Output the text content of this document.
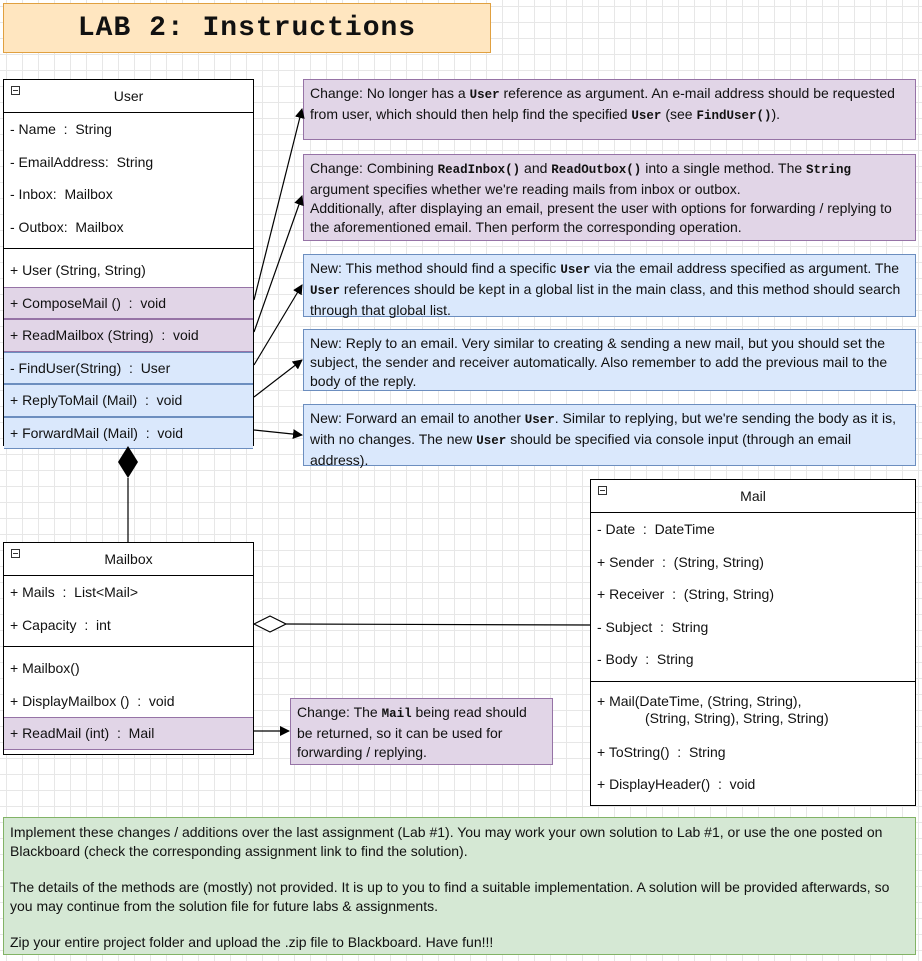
LAB 2: Instructions
User
- Name  :  String
- EmailAddress:  String
- Inbox:  Mailbox
- Outbox:  Mailbox
+ User (String, String)
+ ComposeMail ()  :  void
+ ReadMailbox (String)  :  void
- FindUser(String)  :  User
+ ReplyToMail (Mail)  :  void
+ ForwardMail (Mail)  :  void
Mailbox
+ Mails  :  List<Mail>
+ Capacity  :  int
+ Mailbox()
+ DisplayMailbox ()  :  void
+ ReadMail (int)  :  Mail
Mail
- Date  :  DateTime
+ Sender  :  (String, String)
+ Receiver  :  (String, String)
- Subject  :  String
- Body  :  String
+ Mail(DateTime, (String, String),
(String, String), String, String)
+ ToString()  :  String
+ DisplayHeader()  :  void
Change: No longer has a User reference as argument. An e-mail address should be requested from user, which should then help find the specified User (see FindUser()).
Change: Combining ReadInbox() and ReadOutbox() into a single method. The String argument specifies whether we're reading mails from inbox or outbox.
Additionally, after displaying an email, present the user with options for forwarding / replying to the aforementioned email. Then perform the corresponding operation.
New: This method should find a specific User via the email address specified as argument. The User references should be kept in a global list in the main class, and this method should search through that global list.
New: Reply to an email. Very similar to creating & sending a new mail, but you should set the subject, the sender and receiver automatically. Also remember to add the previous mail to the body of the reply.
New: Forward an email to another User. Similar to replying, but we're sending the body as it is, with no changes. The new User should be specified via console input (through an email address).
Change: The Mail being read should be returned, so it can be used for forwarding / replying.
Implement these changes / additions over the last assignment (Lab #1). You may work your own solution to Lab #1, or use the one posted on Blackboard (check the corresponding assignment link to find the solution).
The details of the methods are (mostly) not provided. It is up to you to find a suitable implementation. A solution will be provided afterwards, so you may continue from the solution file for future labs & assignments.
Zip your entire project folder and upload the .zip file to Blackboard. Have fun!!!
